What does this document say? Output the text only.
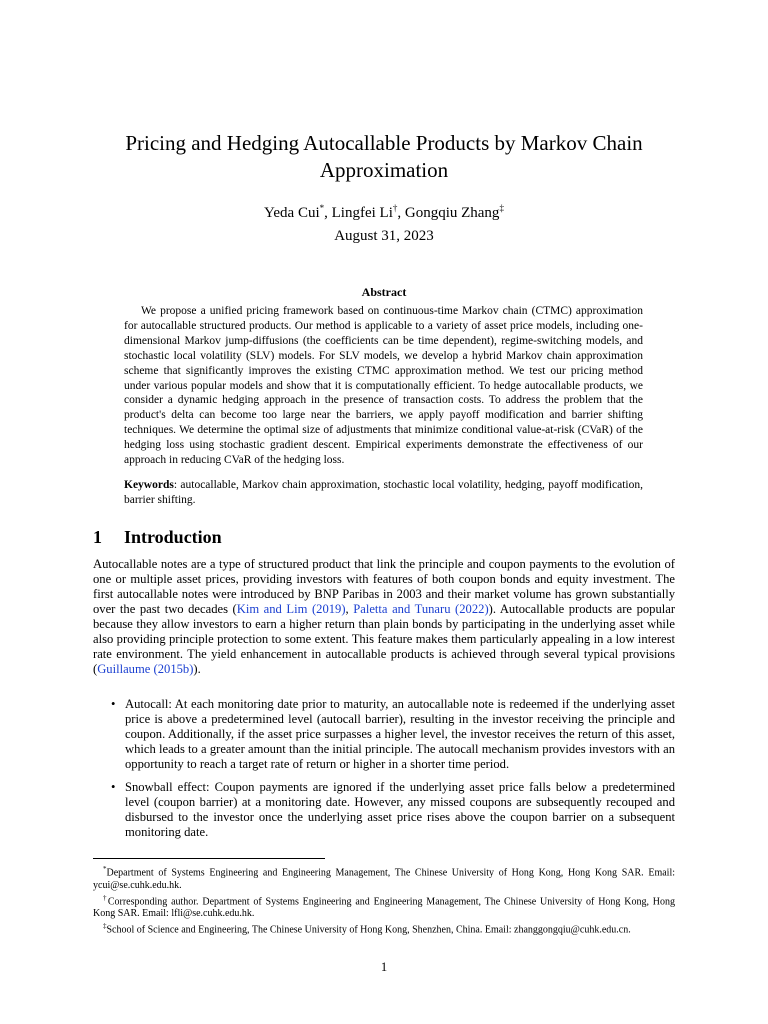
Pricing and Hedging Autocallable Products by Markov Chain Approximation
Yeda Cui*, Lingfei Li†, Gongqiu Zhang‡
August 31, 2023
Abstract
We propose a unified pricing framework based on continuous-time Markov chain (CTMC) approximation for autocallable structured products. Our method is applicable to a variety of asset price models, including one-dimensional Markov jump-diffusions (the coefficients can be time dependent), regime-switching models, and stochastic local volatility (SLV) models. For SLV models, we develop a hybrid Markov chain approximation scheme that significantly improves the existing CTMC approximation method. We test our pricing method under various popular models and show that it is computationally efficient. To hedge autocallable products, we consider a dynamic hedging approach in the presence of transaction costs. To address the problem that the product's delta can become too large near the barriers, we apply payoff modification and barrier shifting techniques. We determine the optimal size of adjustments that minimize conditional value-at-risk (CVaR) of the hedging loss using stochastic gradient descent. Empirical experiments demonstrate the effectiveness of our approach in reducing CVaR of the hedging loss.
Keywords: autocallable, Markov chain approximation, stochastic local volatility, hedging, payoff modification, barrier shifting.
1 Introduction
Autocallable notes are a type of structured product that link the principle and coupon payments to the evolution of one or multiple asset prices, providing investors with features of both coupon bonds and equity investment. The first autocallable notes were introduced by BNP Paribas in 2003 and their market volume has grown substantially over the past two decades (Kim and Lim (2019), Paletta and Tunaru (2022)). Autocallable products are popular because they allow investors to earn a higher return than plain bonds by participating in the underlying asset while also providing principle protection to some extent. This feature makes them particularly appealing in a low interest rate environment. The yield enhancement in autocallable products is achieved through several typical provisions (Guillaume (2015b)).
• Autocall: At each monitoring date prior to maturity, an autocallable note is redeemed if the underlying asset price is above a predetermined level (autocall barrier), resulting in the investor receiving the principle and coupon. Additionally, if the asset price surpasses a higher level, the investor receives the return of this asset, which leads to a greater amount than the initial principle. The autocall mechanism provides investors with an opportunity to reach a target rate of return or higher in a shorter time period.
• Snowball effect: Coupon payments are ignored if the underlying asset price falls below a predetermined level (coupon barrier) at a monitoring date. However, any missed coupons are subsequently recouped and disbursed to the investor once the underlying asset price rises above the coupon barrier on a subsequent monitoring date.

*Department of Systems Engineering and Engineering Management, The Chinese University of Hong Kong, Hong Kong SAR. Email: ycui@se.cuhk.edu.hk.

†Corresponding author. Department of Systems Engineering and Engineering Management, The Chinese University of Hong Kong, Hong Kong SAR. Email: lfli@se.cuhk.edu.hk.

‡School of Science and Engineering, The Chinese University of Hong Kong, Shenzhen, China. Email: zhanggongqiu@cuhk.edu.cn.

1
